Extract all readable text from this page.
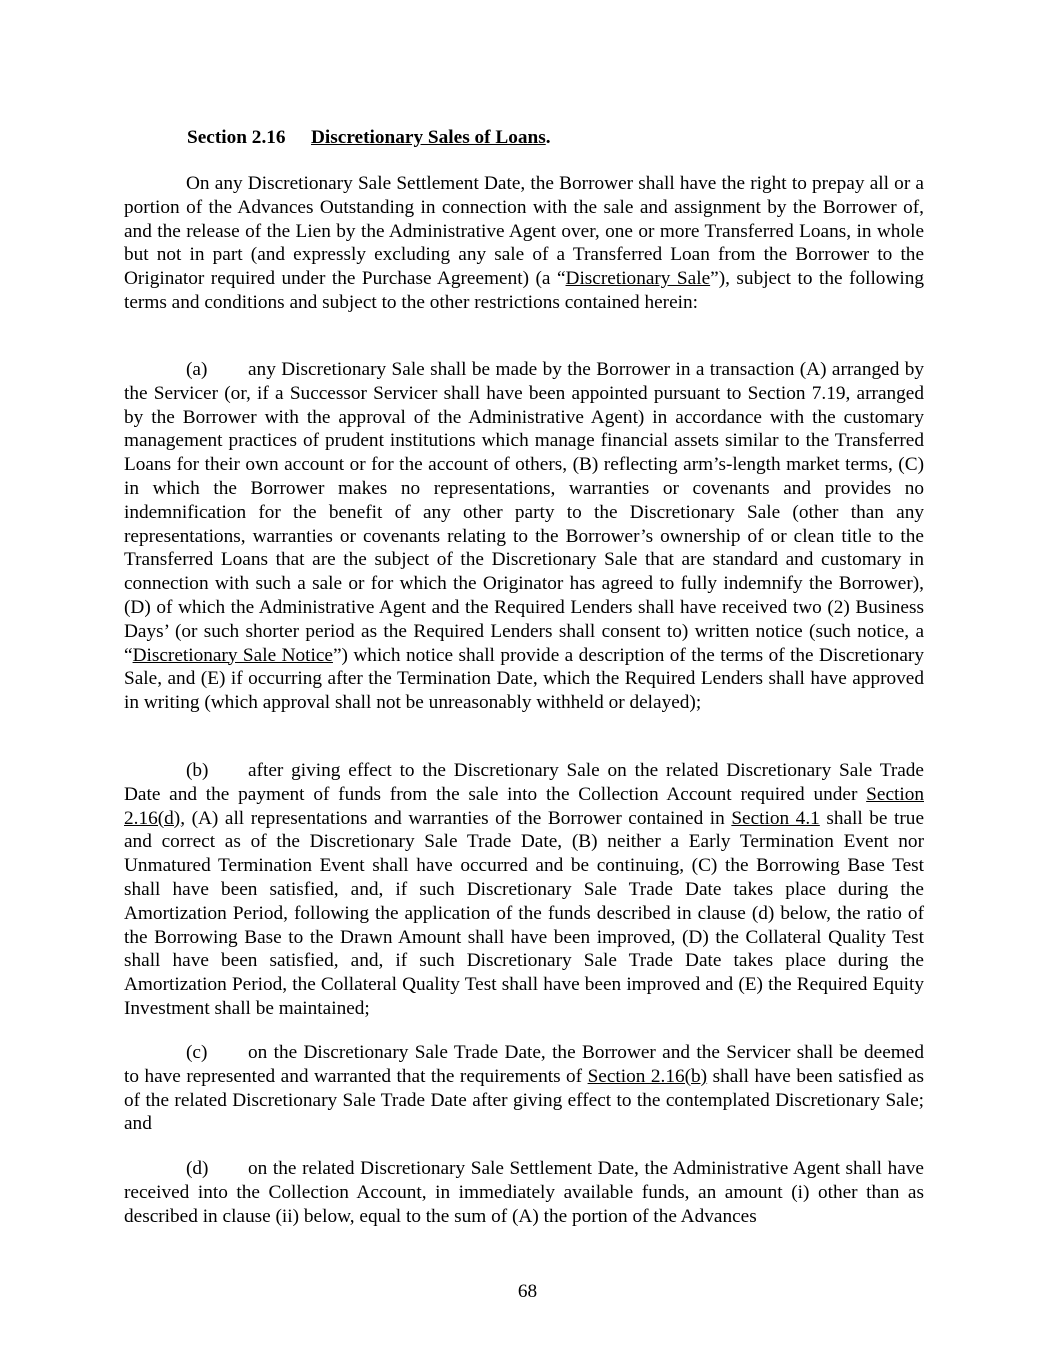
Section 2.16 Discretionary Sales of Loans.

On any Discretionary Sale Settlement Date, the Borrower shall have the right to prepay all or a portion of the Advances Outstanding in connection with the sale and assignment by the Borrower of, and the release of the Lien by the Administrative Agent over, one or more Transferred Loans, in whole but not in part (and expressly excluding any sale of a Transferred Loan from the Borrower to the Originator required under the Purchase Agreement) (a “Discretionary Sale”), subject to the following terms and conditions and subject to the other restrictions contained herein:

(a) any Discretionary Sale shall be made by the Borrower in a transaction (A) arranged by the Servicer (or, if a Successor Servicer shall have been appointed pursuant to Section 7.19, arranged by the Borrower with the approval of the Administrative Agent) in accordance with the customary management practices of prudent institutions which manage financial assets similar to the Transferred Loans for their own account or for the account of others, (B) reflecting arm’s-length market terms, (C) in which the Borrower makes no representations, warranties or covenants and provides no indemnification for the benefit of any other party to the Discretionary Sale (other than any representations, warranties or covenants relating to the Borrower’s ownership of or clean title to the Transferred Loans that are the subject of the Discretionary Sale that are standard and customary in connection with such a sale or for which the Originator has agreed to fully indemnify the Borrower), (D) of which the Administrative Agent and the Required Lenders shall have received two (2) Business Days’ (or such shorter period as the Required Lenders shall consent to) written notice (such notice, a “Discretionary Sale Notice”) which notice shall provide a description of the terms of the Discretionary Sale, and (E) if occurring after the Termination Date, which the Required Lenders shall have approved in writing (which approval shall not be unreasonably withheld or delayed);

(b) after giving effect to the Discretionary Sale on the related Discretionary Sale Trade Date and the payment of funds from the sale into the Collection Account required under Section 2.16(d), (A) all representations and warranties of the Borrower contained in Section 4.1 shall be true and correct as of the Discretionary Sale Trade Date, (B) neither a Early Termination Event nor Unmatured Termination Event shall have occurred and be continuing, (C) the Borrowing Base Test shall have been satisfied, and, if such Discretionary Sale Trade Date takes place during the Amortization Period, following the application of the funds described in clause (d) below, the ratio of the Borrowing Base to the Drawn Amount shall have been improved, (D) the Collateral Quality Test shall have been satisfied, and, if such Discretionary Sale Trade Date takes place during the Amortization Period, the Collateral Quality Test shall have been improved and (E) the Required Equity Investment shall be maintained;

(c) on the Discretionary Sale Trade Date, the Borrower and the Servicer shall be deemed to have represented and warranted that the requirements of Section 2.16(b) shall have been satisfied as of the related Discretionary Sale Trade Date after giving effect to the contemplated Discretionary Sale; and

(d) on the related Discretionary Sale Settlement Date, the Administrative Agent shall have received into the Collection Account, in immediately available funds, an amount (i) other than as described in clause (ii) below, equal to the sum of (A) the portion of the Advances

68
